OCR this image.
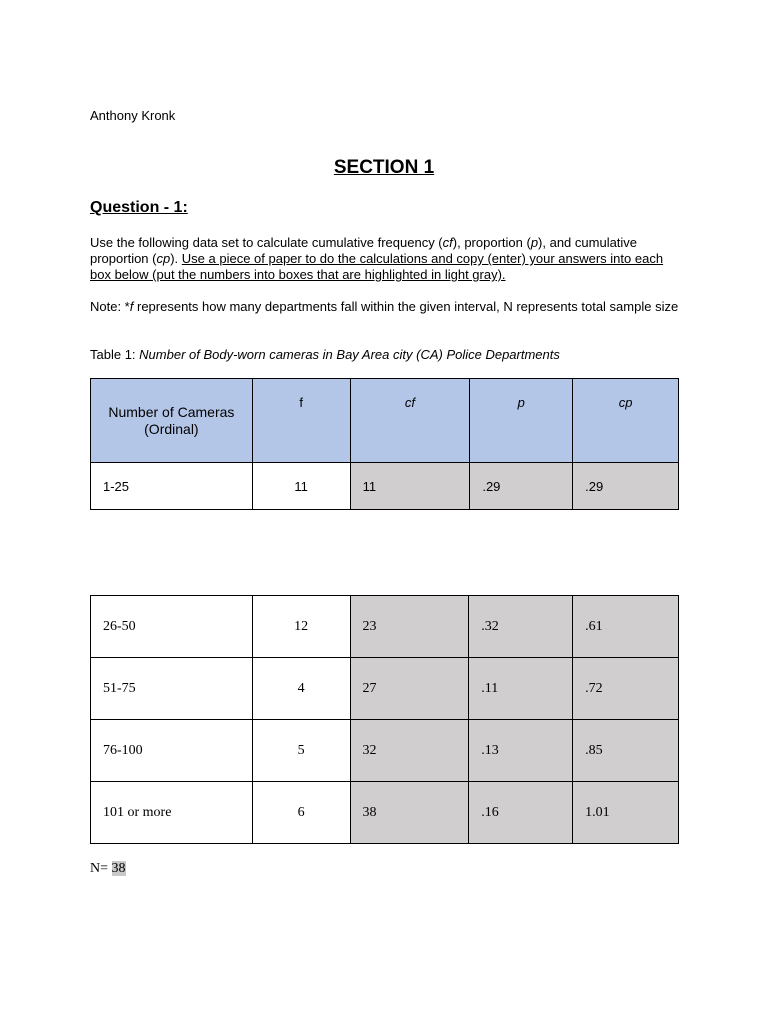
Anthony Kronk
SECTION 1
Question - 1:
Use the following data set to calculate cumulative frequency (cf), proportion (p), and cumulative proportion (cp). Use a piece of paper to do the calculations and copy (enter) your answers into each box below (put the numbers into boxes that are highlighted in light gray).
Note: *f represents how many departments fall within the given interval, N represents total sample size
Table 1: Number of Body-worn cameras in Bay Area city (CA) Police Departments
Number of Cameras (Ordinal)	f	cf	p	cp
1-25	11	11	.29	.29
26-50	12	23	.32	.61
51-75	4	27	.11	.72
76-100	5	32	.13	.85
101 or more	6	38	.16	1.01
N= 38
